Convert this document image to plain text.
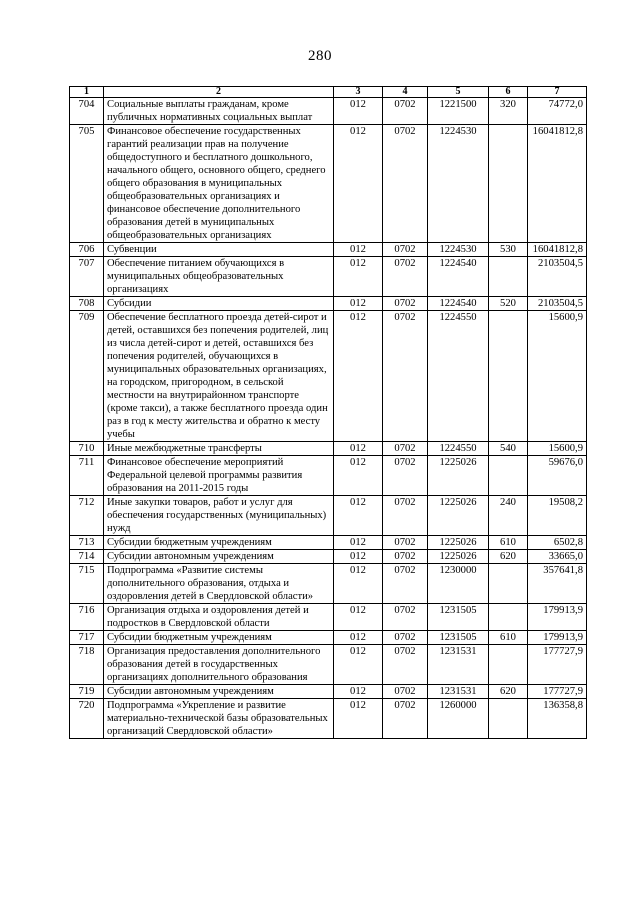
280
1	2	3	4	5	6	7
704	Социальные выплаты гражданам, кроме публичных нормативных социальных выплат	012	0702	1221500	320	74772,0
705	Финансовое обеспечение государственных гарантий реализации прав на получение общедоступного и бесплатного дошкольного, начального общего, основного общего, среднего общего образования в муниципальных общеобразовательных организациях и финансовое обеспечение дополнительного образования детей в муниципальных общеобразовательных организациях	012	0702	1224530		16041812,8
706	Субвенции	012	0702	1224530	530	16041812,8
707	Обеспечение питанием обучающихся в муниципальных общеобразовательных организациях	012	0702	1224540		2103504,5
708	Субсидии	012	0702	1224540	520	2103504,5
709	Обеспечение бесплатного проезда детей-сирот и детей, оставшихся без попечения родителей, лиц из числа детей-сирот и детей, оставшихся без попечения родителей, обучающихся в муниципальных образовательных организациях, на городском, пригородном, в сельской местности на внутрирайонном транспорте (кроме такси), а также бесплатного проезда один раз в год к месту жительства и обратно к месту учебы	012	0702	1224550		15600,9
710	Иные межбюджетные трансферты	012	0702	1224550	540	15600,9
711	Финансовое обеспечение мероприятий Федеральной целевой программы развития образования на 2011-2015 годы	012	0702	1225026		59676,0
712	Иные закупки товаров, работ и услуг для обеспечения государственных (муниципальных) нужд	012	0702	1225026	240	19508,2
713	Субсидии бюджетным учреждениям	012	0702	1225026	610	6502,8
714	Субсидии автономным учреждениям	012	0702	1225026	620	33665,0
715	Подпрограмма «Развитие системы дополнительного образования, отдыха и оздоровления детей в Свердловской области»	012	0702	1230000		357641,8
716	Организация отдыха и оздоровления детей и подростков в Свердловской области	012	0702	1231505		179913,9
717	Субсидии бюджетным учреждениям	012	0702	1231505	610	179913,9
718	Организация предоставления дополнительного образования детей в государственных организациях дополнительного образования	012	0702	1231531		177727,9
719	Субсидии автономным учреждениям	012	0702	1231531	620	177727,9
720	Подпрограмма «Укрепление и развитие материально-технической базы образовательных организаций Свердловской области»	012	0702	1260000		136358,8
